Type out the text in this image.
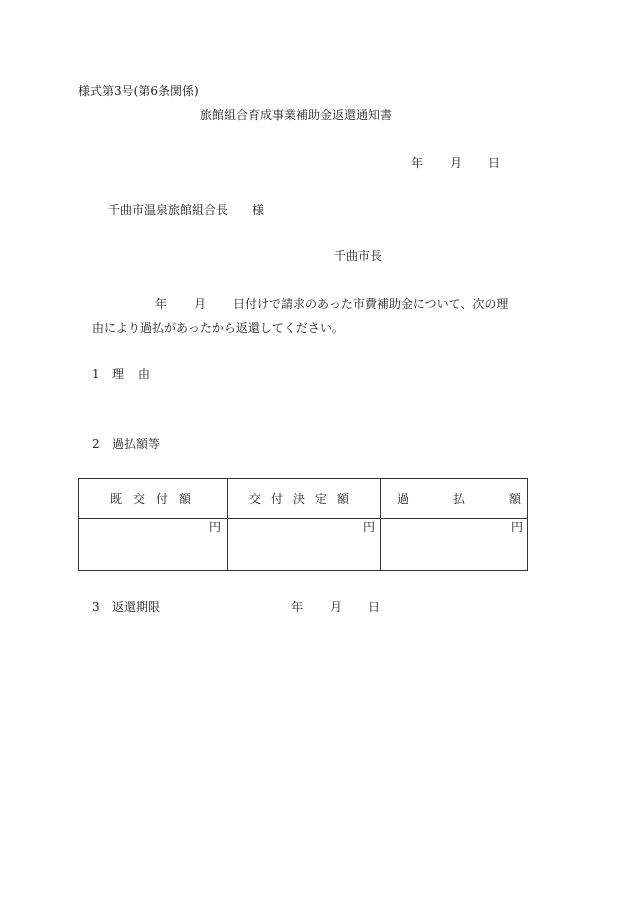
様式第3号(第6条関係)
旅館組合育成事業補助金返還通知書
年 月 日
千曲市温泉旅館組合長　　様
千曲市長
年 月 日付けで請求のあった市費補助金について、次の理
由により過払があったから返還してください。
1 理由
2 過払額等
既交付額	交付決定額	過払額
円	円	円
3 返還期限	年 月 日
